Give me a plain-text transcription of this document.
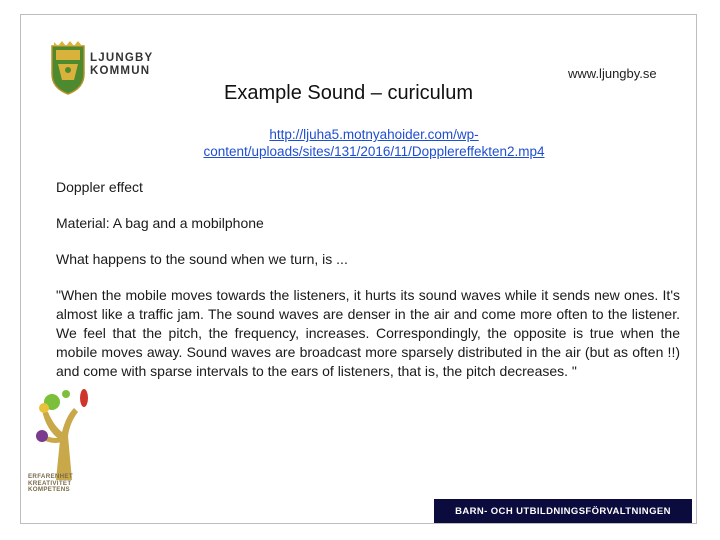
LJUNGBY
KOMMUN	www.ljungby.se
Example Sound – curiculum
http://ljuha5.motnyahoider.com/wp-content/uploads/sites/131/2016/11/Dopplereffekten2.mp4
Doppler effect
Material: A bag and a mobilphone
What happens to the sound when we turn, is ...
"When the mobile moves towards the listeners, it hurts its sound waves while it sends new ones. It's almost like a traffic jam. The sound waves are denser in the air and come more often to the listener. We feel that the pitch, the frequency, increases. Correspondingly, the opposite is true when the mobile moves away. Sound waves are broadcast more sparsely distributed in the air (but as often !!) and come with sparse intervals to the ears of listeners, that is, the pitch decreases. "
ERFARENHET
KREATIVITET
KOMPETENS
BARN- OCH UTBILDNINGSFÖRVALTNINGEN
